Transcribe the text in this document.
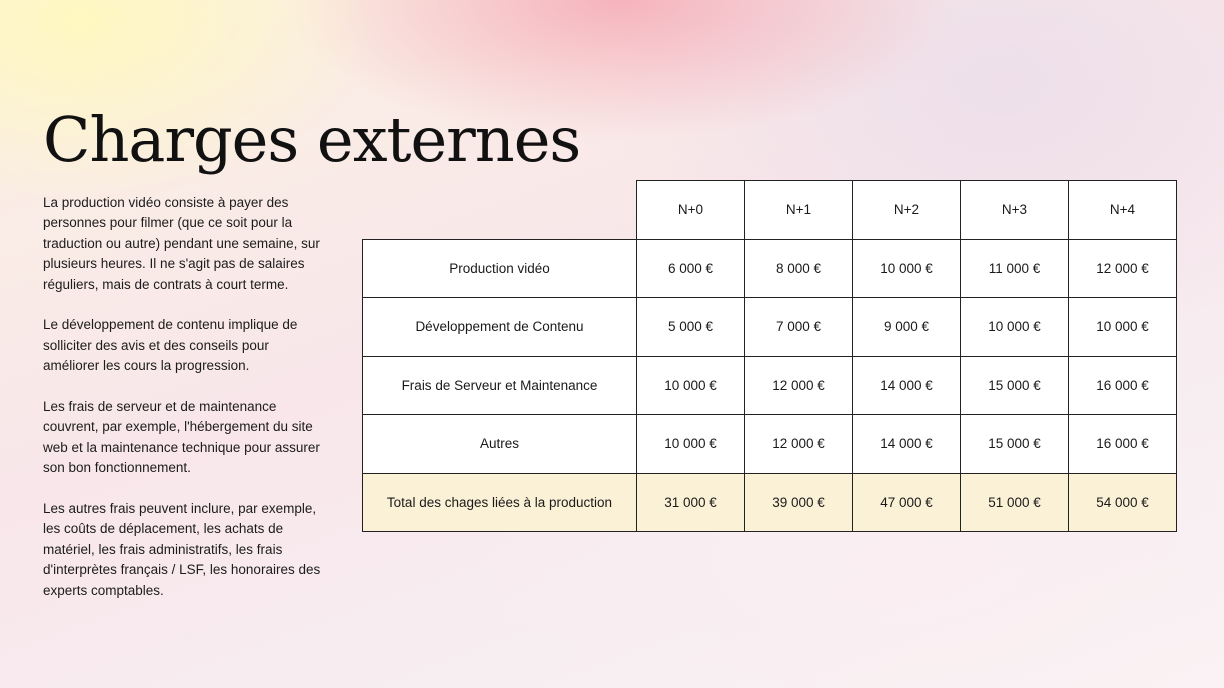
Charges externes

La production vidéo consiste à payer des personnes pour filmer (que ce soit pour la traduction ou autre) pendant une semaine, sur plusieurs heures. Il ne s'agit pas de salaires réguliers, mais de contrats à court terme.

Le développement de contenu implique de solliciter des avis et des conseils pour améliorer les cours la progression.

Les frais de serveur et de maintenance couvrent, par exemple, l'hébergement du site web et la maintenance technique pour assurer son bon fonctionnement.

Les autres frais peuvent inclure, par exemple, les coûts de déplacement, les achats de matériel, les frais administratifs, les frais d'interprètes français / LSF, les honoraires des experts comptables.

	N+0	N+1	N+2	N+3	N+4
Production vidéo	6 000 €	8 000 €	10 000 €	11 000 €	12 000 €
Développement de Contenu	5 000 €	7 000 €	9 000 €	10 000 €	10 000 €
Frais de Serveur et Maintenance	10 000 €	12 000 €	14 000 €	15 000 €	16 000 €
Autres	10 000 €	12 000 €	14 000 €	15 000 €	16 000 €
Total des chages liées à la production	31 000 €	39 000 €	47 000 €	51 000 €	54 000 €
